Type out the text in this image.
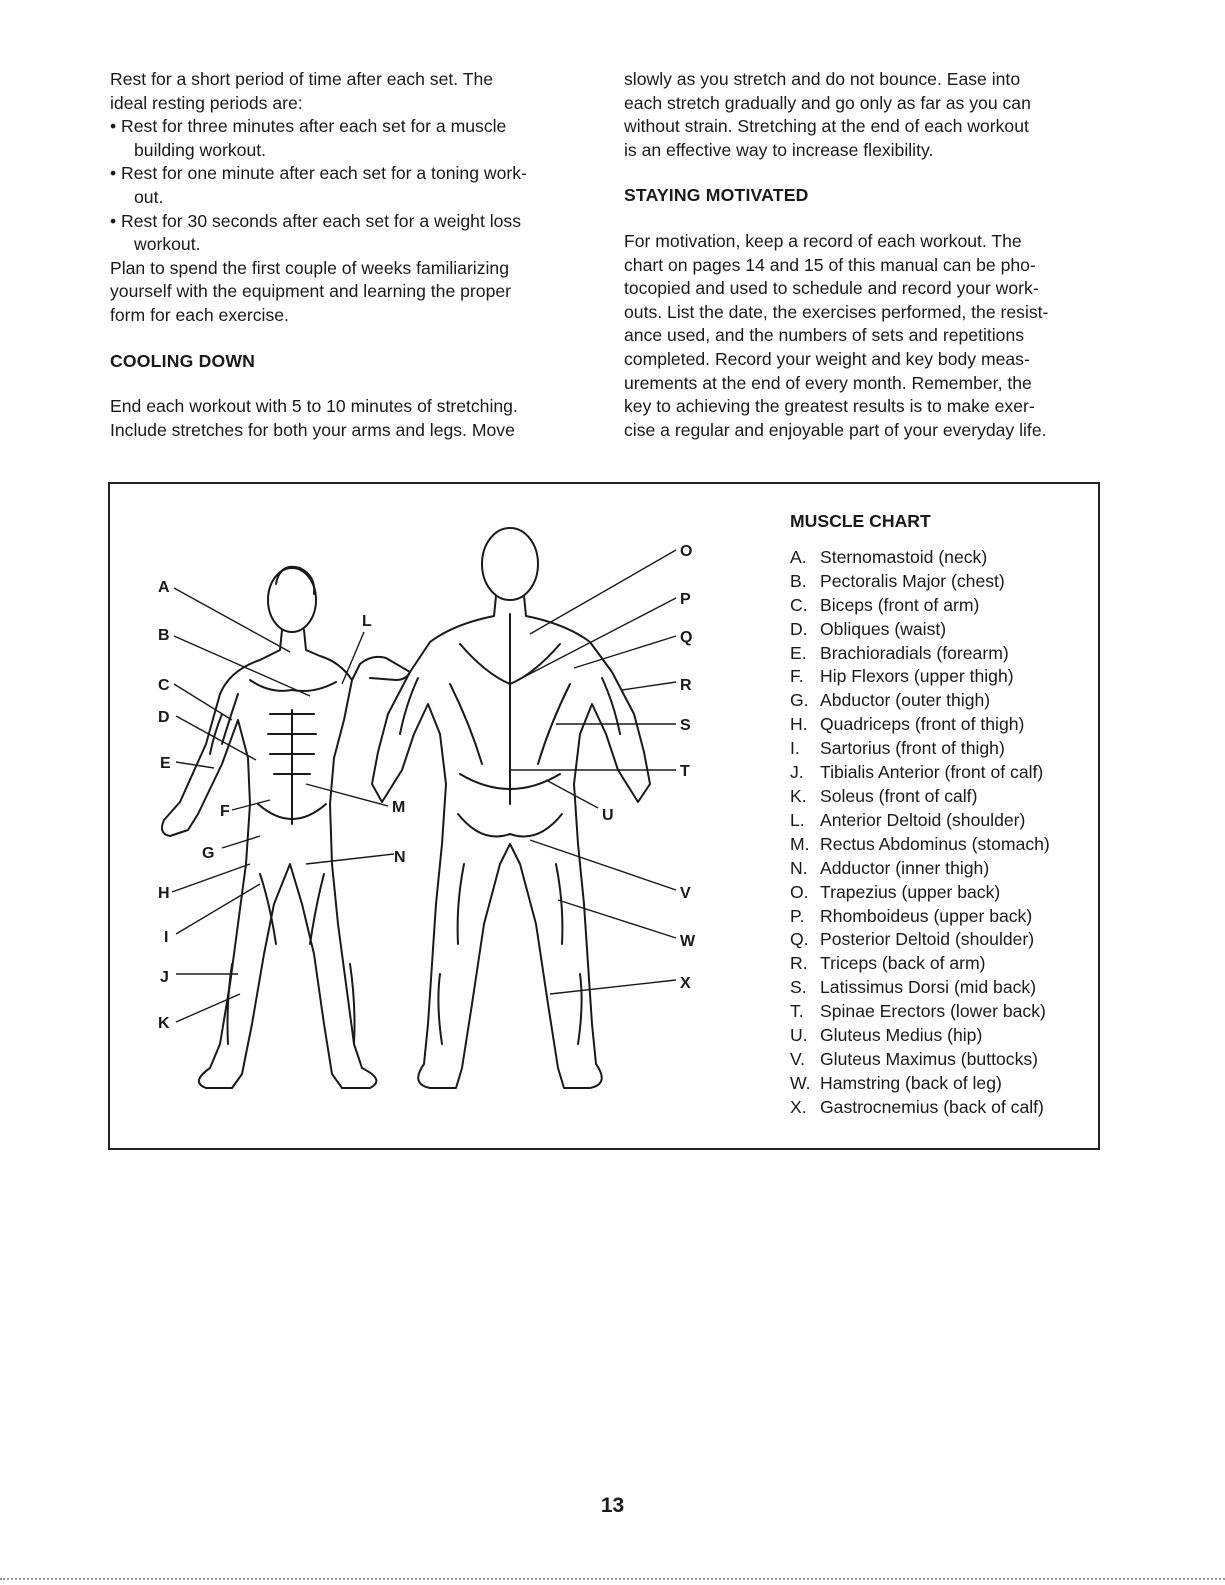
Rest for a short period of time after each set. The

ideal resting periods are:

• Rest for three minutes after each set for a muscle
building workout.

• Rest for one minute after each set for a toning work-
out.

• Rest for 30 seconds after each set for a weight loss
workout.

Plan to spend the first couple of weeks familiarizing

yourself with the equipment and learning the proper

form for each exercise.

COOLING DOWN

End each workout with 5 to 10 minutes of stretching.

Include stretches for both your arms and legs. Move

slowly as you stretch and do not bounce. Ease into

each stretch gradually and go only as far as you can

without strain. Stretching at the end of each workout

is an effective way to increase flexibility.

STAYING MOTIVATED

For motivation, keep a record of each workout. The

chart on pages 14 and 15 of this manual can be pho-

tocopied and used to schedule and record your work-

outs. List the date, the exercises performed, the resist-

ance used, and the numbers of sets and repetitions

completed. Record your weight and key body meas-

urements at the end of every month. Remember, the

key to achieving the greatest results is to make exer-

cise a regular and enjoyable part of your everyday life.

A
B
C
D
E
F
G
H
I
J
K
L
M
N
O
P
Q
R
S
T
U
V
W
X

MUSCLE CHART

A. Sternomastoid (neck)
B. Pectoralis Major (chest)
C. Biceps (front of arm)
D. Obliques (waist)
E. Brachioradials (forearm)
F. Hip Flexors (upper thigh)
G. Abductor (outer thigh)
H. Quadriceps (front of thigh)
I.	Sartorius (front of thigh)
J. Tibialis Anterior (front of calf)
K. Soleus (front of calf)
L. Anterior Deltoid (shoulder)
M. Rectus Abdominus (stomach)
N. Adductor (inner thigh)
O. Trapezius (upper back)
P. Rhomboideus (upper back)
Q. Posterior Deltoid (shoulder)
R. Triceps (back of arm)
S. Latissimus Dorsi (mid back)
T. Spinae Erectors (lower back)
U. Gluteus Medius (hip)
V. Gluteus Maximus (buttocks)
W. Hamstring (back of leg)
X. Gastrocnemius (back of calf)
13
